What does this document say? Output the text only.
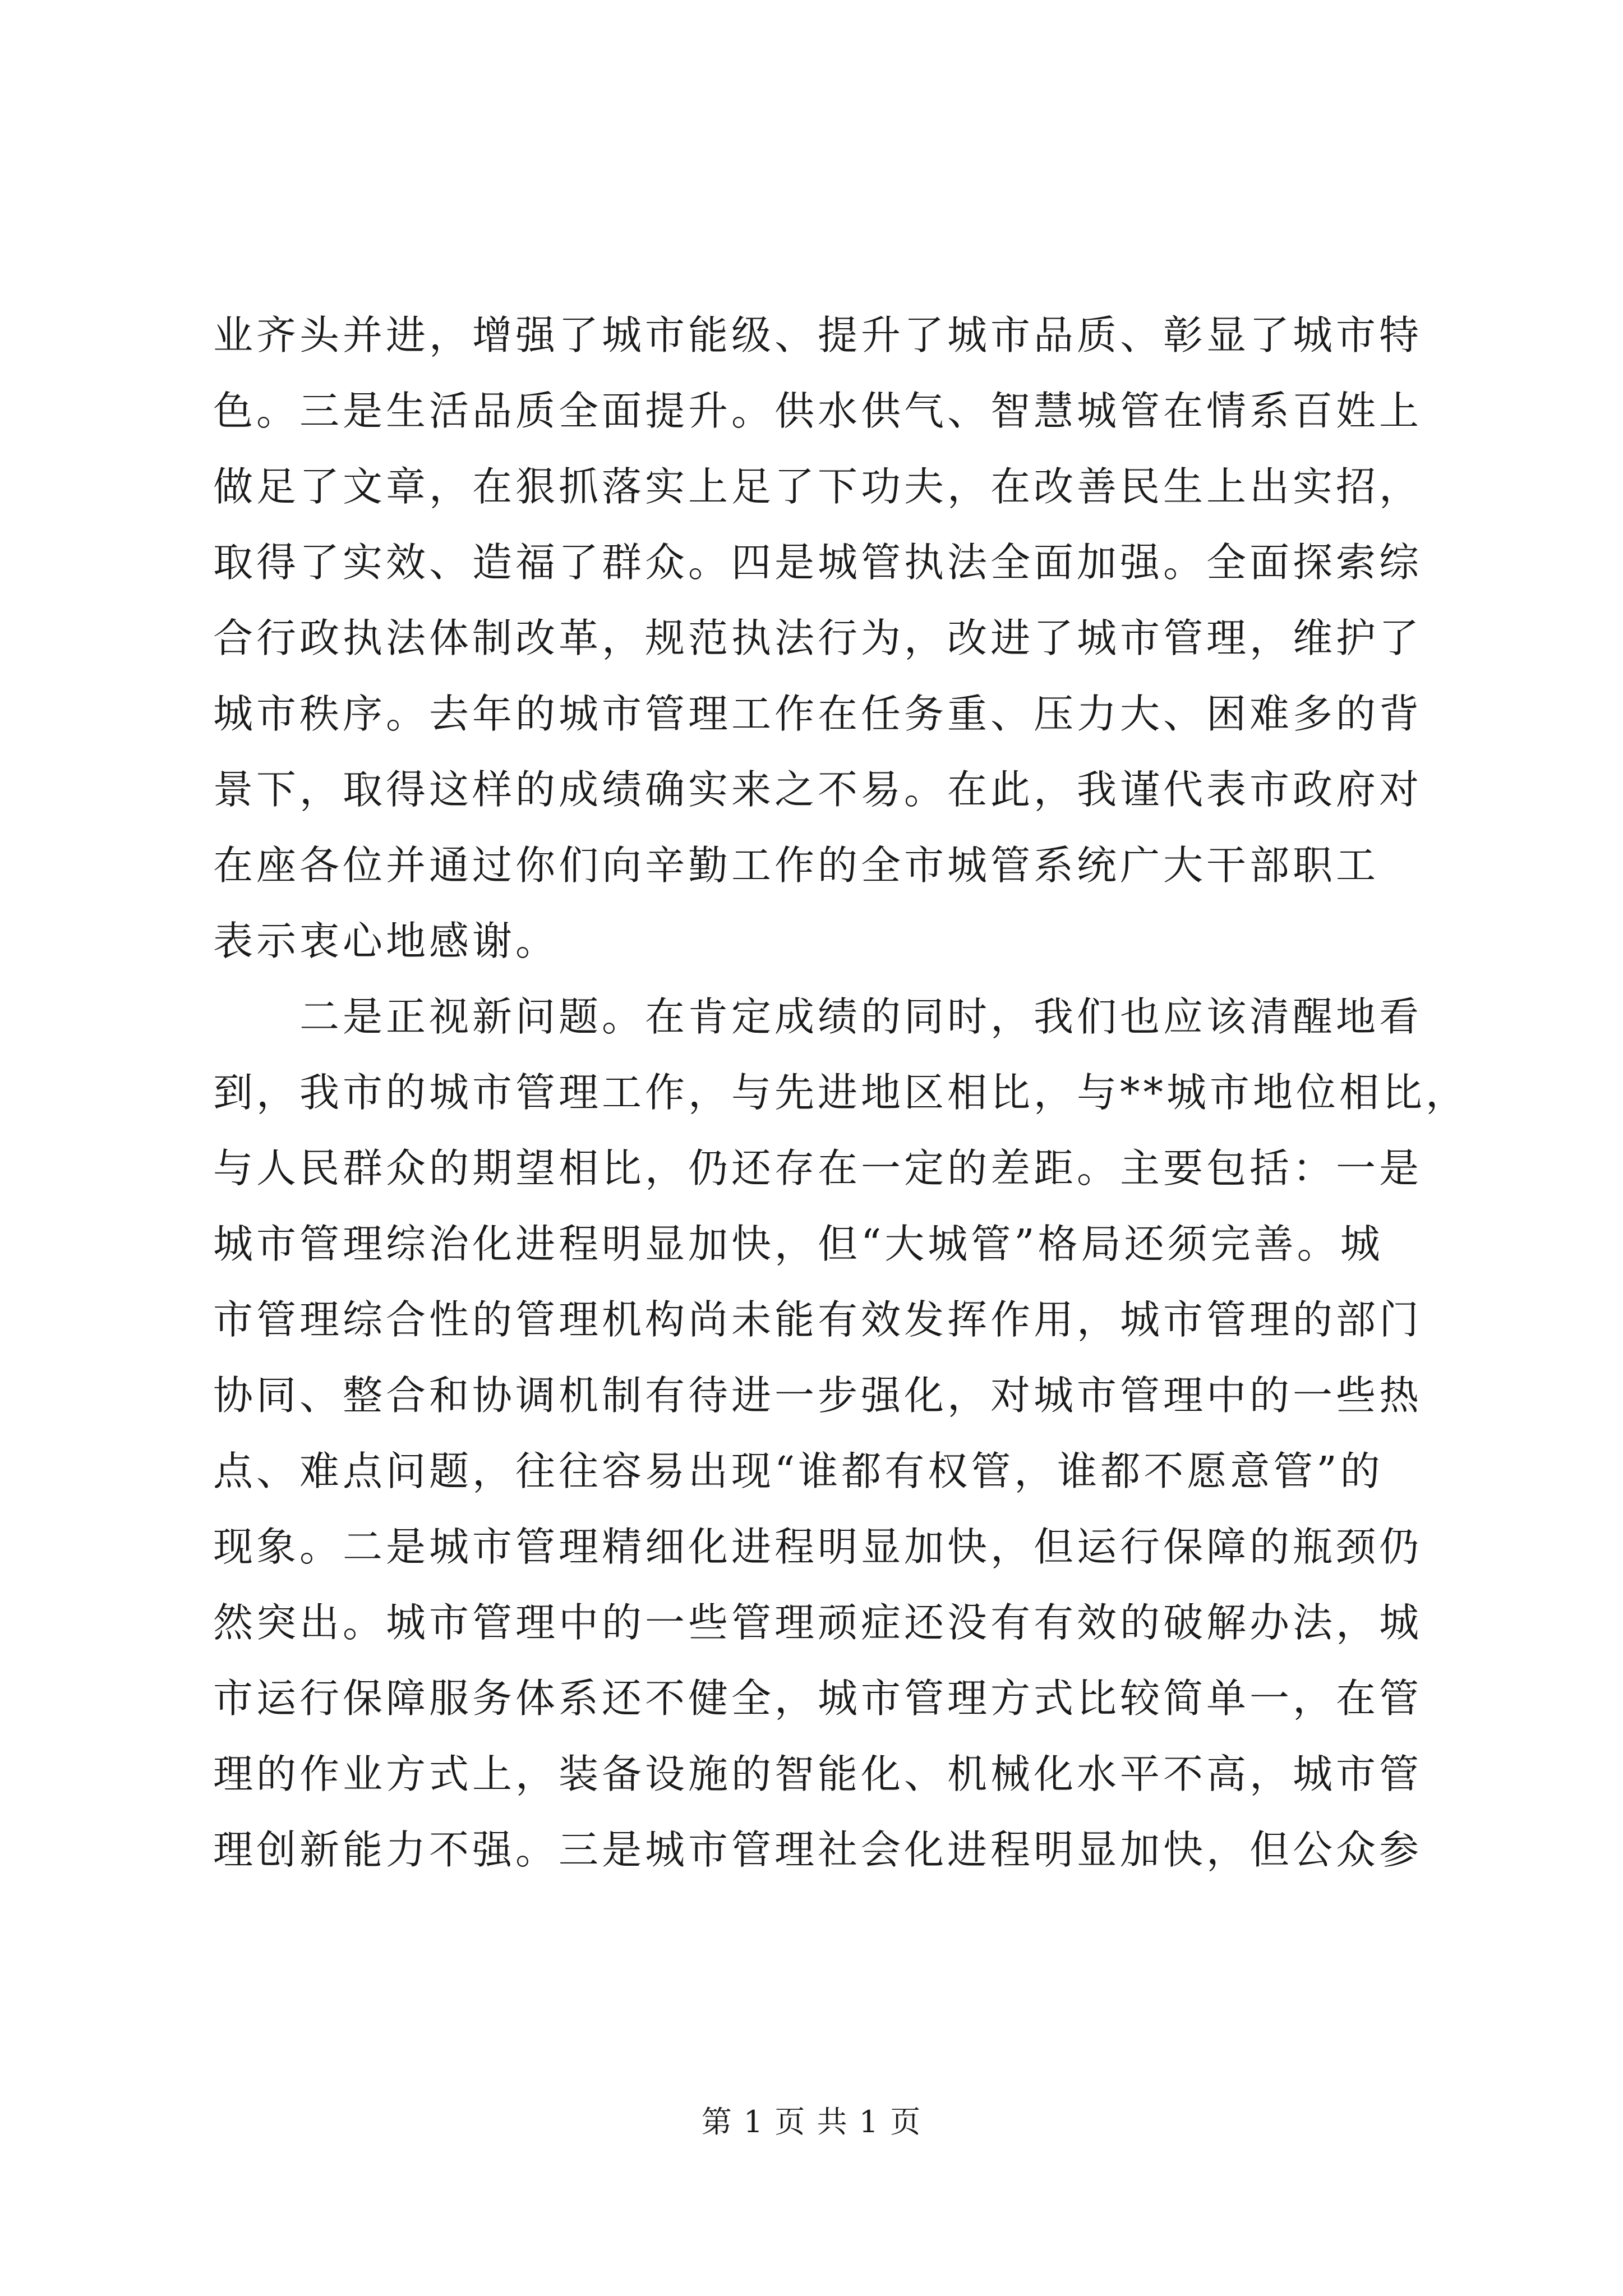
业齐头并进，增强了城市能级、提升了城市品质、彰显了城市特
色。三是生活品质全面提升。供水供气、智慧城管在情系百姓上
做足了文章，在狠抓落实上足了下功夫，在改善民生上出实招，
取得了实效、造福了群众。四是城管执法全面加强。全面探索综
合行政执法体制改革，规范执法行为，改进了城市管理，维护了
城市秩序。去年的城市管理工作在任务重、压力大、困难多的背
景下，取得这样的成绩确实来之不易。在此，我谨代表市政府对
在座各位并通过你们向辛勤工作的全市城管系统广大干部职工
表示衷心地感谢。
　　二是正视新问题。在肯定成绩的同时，我们也应该清醒地看
到，我市的城市管理工作，与先进地区相比，与**城市地位相比，
与人民群众的期望相比，仍还存在一定的差距。主要包括：一是
城市管理综治化进程明显加快，但“大城管”格局还须完善。城
市管理综合性的管理机构尚未能有效发挥作用，城市管理的部门
协同、整合和协调机制有待进一步强化，对城市管理中的一些热
点、难点问题，往往容易出现“谁都有权管，谁都不愿意管”的
现象。二是城市管理精细化进程明显加快，但运行保障的瓶颈仍
然突出。城市管理中的一些管理顽症还没有有效的破解办法，城
市运行保障服务体系还不健全，城市管理方式比较简单一，在管
理的作业方式上，装备设施的智能化、机械化水平不高，城市管
理创新能力不强。三是城市管理社会化进程明显加快，但公众参
第 1 页 共 1 页
